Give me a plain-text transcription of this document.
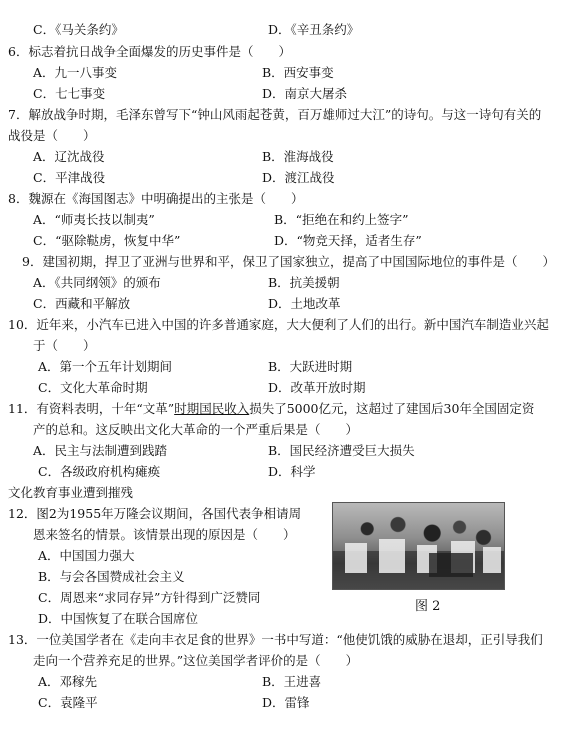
C．《马关条约》	D．《辛丑条约》
6．标志着抗日战争全面爆发的历史事件是（　　）
A．九一八事变	B．西安事变
C．七七事变	D．南京大屠杀
7．解放战争时期，毛泽东曾写下“钟山风雨起苍黄，百万雄师过大江”的诗句。与这一诗句有关的
战役是（　　）
A．辽沈战役	B．淮海战役
C．平津战役	D．渡江战役
8．魏源在《海国图志》中明确提出的主张是（　　）
A．“师夷长技以制夷”	B．“拒绝在和约上签字”
C．“驱除鞑虏，恢复中华”	D．“物竞天择，适者生存”
9．建国初期，捍卫了亚洲与世界和平，保卫了国家独立，提高了中国国际地位的事件是（　　）
A．《共同纲领》的颁布	B．抗美援朝
C．西藏和平解放	D．土地改革
10．近年来，小汽车已进入中国的许多普通家庭，大大便利了人们的出行。新中国汽车制造业兴起
于（　　）
A．第一个五年计划期间	B．大跃进时期
C．文化大革命时期	D．改革开放时期
11．有资料表明，十年“文革”时期国民收入损失了5000亿元，这超过了建国后30年全国固定资
产的总和。这反映出文化大革命的一个严重后果是（　　）
A．民主与法制遭到践踏	B．国民经济遭受巨大损失
C．各级政府机构瘫痪	D．科学
文化教育事业遭到摧残
12．图2为1955年万隆会议期间，各国代表争相请周
恩来签名的情景。该情景出现的原因是（　　）
A．中国国力强大
B．与会各国赞成社会主义
C．周恩来“求同存异”方针得到广泛赞同
D．中国恢复了在联合国席位
图 2
13．一位美国学者在《走向丰衣足食的世界》一书中写道：“他使饥饿的威胁在退却，正引导我们
走向一个营养充足的世界。”这位美国学者评价的是（　　）
A．邓稼先	B．王进喜
C．袁隆平	D．雷锋
